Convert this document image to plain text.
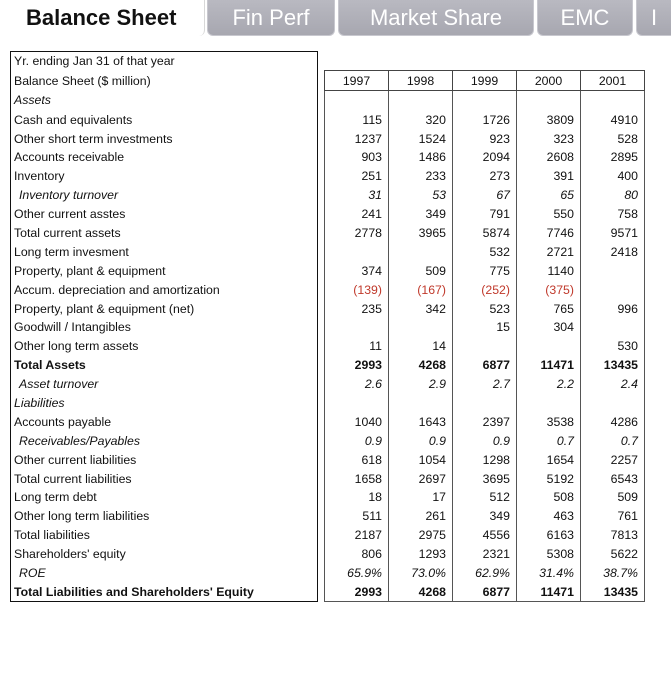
Balance Sheet	Fin Perf	Market Share	EMC	I
Yr. ending Jan 31 of that year						
Balance Sheet ($ million)		1997	1998	1999	2000	2001
Assets						
Cash and equivalents		115	320	1726	3809	4910
Other short term investments		1237	1524	923	323	528
Accounts receivable		903	1486	2094	2608	2895
Inventory		251	233	273	391	400
Inventory turnover		31	53	67	65	80
Other current asstes		241	349	791	550	758
Total current assets		2778	3965	5874	7746	9571
Long term invesment				532	2721	2418
Property, plant & equipment		374	509	775	1140	
Accum. depreciation and amortization		(139)	(167)	(252)	(375)	
Property, plant & equipment (net)		235	342	523	765	996
Goodwill / Intangibles				15	304	
Other long term assets		11	14			530
Total Assets		2993	4268	6877	11471	13435
Asset turnover		2.6	2.9	2.7	2.2	2.4
Liabilities						
Accounts payable		1040	1643	2397	3538	4286
Receivables/Payables		0.9	0.9	0.9	0.7	0.7
Other current liabilities		618	1054	1298	1654	2257
Total current liabilities		1658	2697	3695	5192	6543
Long term debt		18	17	512	508	509
Other long term liabilities		511	261	349	463	761
Total liabilities		2187	2975	4556	6163	7813
Shareholders' equity		806	1293	2321	5308	5622
ROE		65.9%	73.0%	62.9%	31.4%	38.7%
Total Liabilities and Shareholders' Equity		2993	4268	6877	11471	13435
